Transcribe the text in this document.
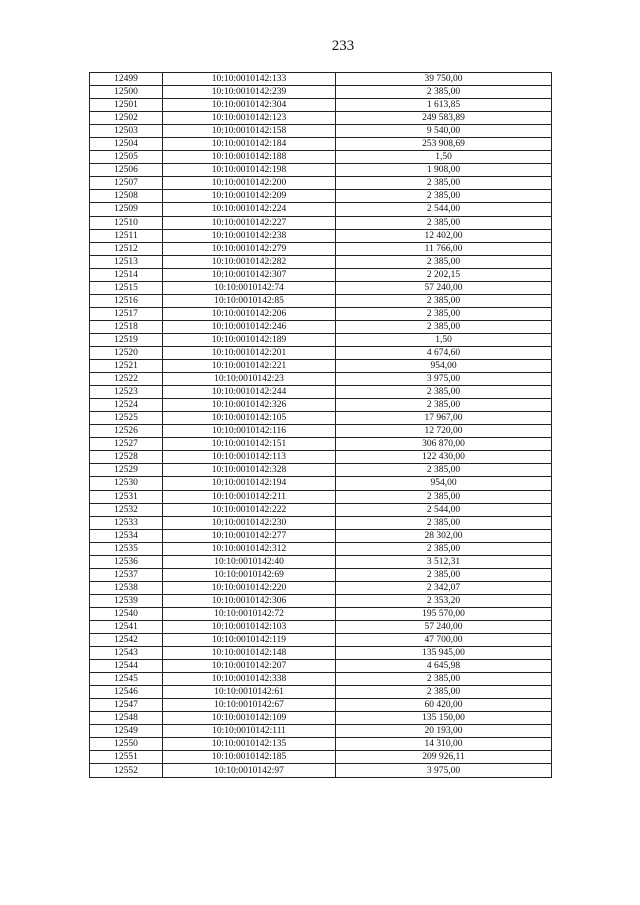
233
12499	10:10:0010142:133	39 750,00
12500	10:10:0010142:239	2 385,00
12501	10:10:0010142:304	1 613,85
12502	10:10:0010142:123	249 583,89
12503	10:10:0010142:158	9 540,00
12504	10:10:0010142:184	253 908,69
12505	10:10:0010142:188	1,50
12506	10:10:0010142:198	1 908,00
12507	10:10:0010142:200	2 385,00
12508	10:10:0010142:209	2 385,00
12509	10:10:0010142:224	2 544,00
12510	10:10:0010142:227	2 385,00
12511	10:10:0010142:238	12 402,00
12512	10:10:0010142:279	11 766,00
12513	10:10:0010142:282	2 385,00
12514	10:10:0010142:307	2 202,15
12515	10:10:0010142:74	57 240,00
12516	10:10:0010142:85	2 385,00
12517	10:10:0010142:206	2 385,00
12518	10:10:0010142:246	2 385,00
12519	10:10:0010142:189	1,50
12520	10:10:0010142:201	4 674,60
12521	10:10:0010142:221	954,00
12522	10:10:0010142:23	3 975,00
12523	10:10:0010142:244	2 385,00
12524	10:10:0010142:326	2 385,00
12525	10:10:0010142:105	17 967,00
12526	10:10:0010142:116	12 720,00
12527	10:10:0010142:151	306 870,00
12528	10:10:0010142:113	122 430,00
12529	10:10:0010142:328	2 385,00
12530	10:10:0010142:194	954,00
12531	10:10:0010142:211	2 385,00
12532	10:10:0010142:222	2 544,00
12533	10:10:0010142:230	2 385,00
12534	10:10:0010142:277	28 302,00
12535	10:10:0010142:312	2 385,00
12536	10:10:0010142:40	3 512,31
12537	10:10:0010142:69	2 385,00
12538	10:10:0010142:220	2 342,07
12539	10:10:0010142:306	2 353,20
12540	10:10:0010142:72	195 570,00
12541	10:10:0010142:103	57 240,00
12542	10:10:0010142:119	47 700,00
12543	10:10:0010142:148	135 945,00
12544	10:10:0010142:207	4 645,98
12545	10:10:0010142:338	2 385,00
12546	10:10:0010142:61	2 385,00
12547	10:10:0010142:67	60 420,00
12548	10:10:0010142:109	135 150,00
12549	10:10:0010142:111	20 193,00
12550	10:10:0010142:135	14 310,00
12551	10:10:0010142:185	209 926,11
12552	10:10:0010142:97	3 975,00
